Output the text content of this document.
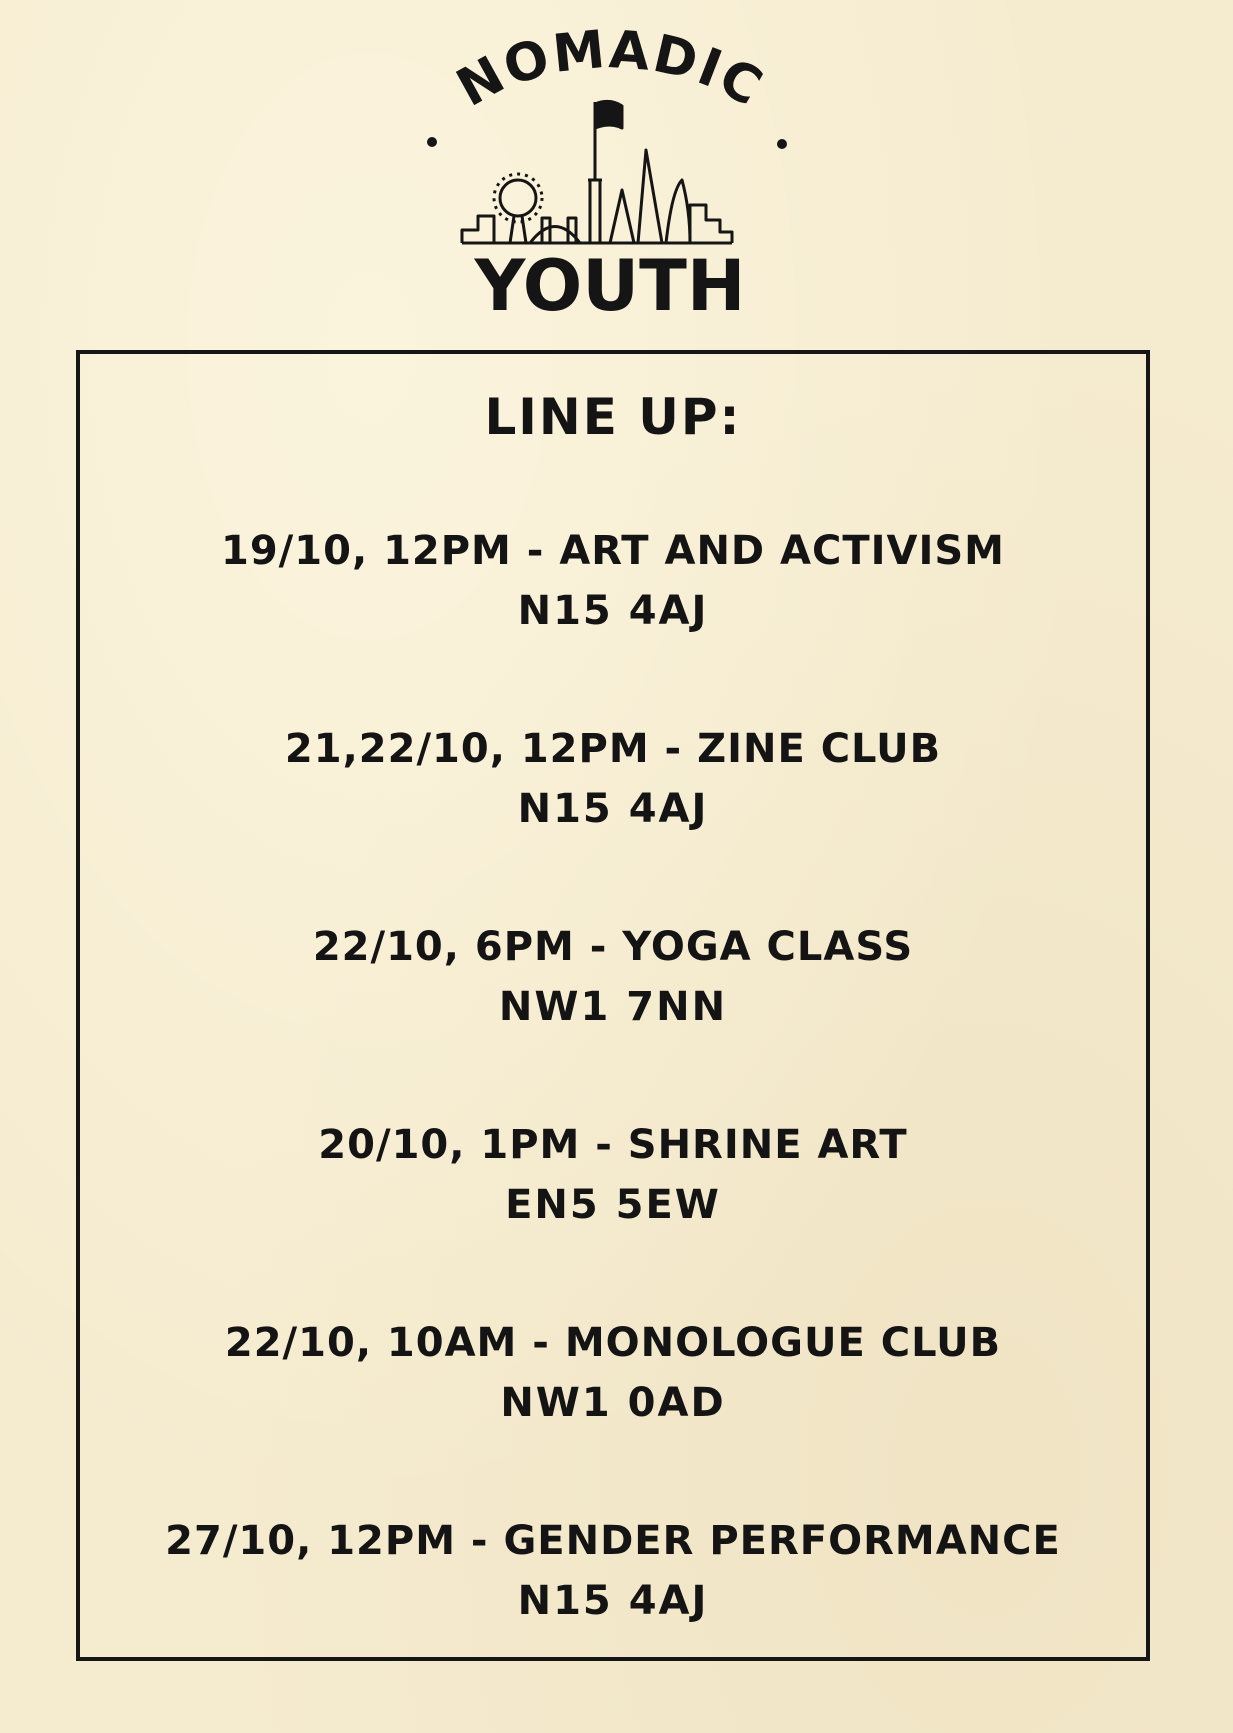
NOMADIC
YOUTH
LINE UP:
19/10, 12PM - ART AND ACTIVISM
N15 4AJ
21,22/10, 12PM - ZINE CLUB
N15 4AJ
22/10, 6PM - YOGA CLASS
NW1 7NN
20/10, 1PM - SHRINE ART
EN5 5EW
22/10, 10AM - MONOLOGUE CLUB
NW1 0AD
27/10, 12PM - GENDER PERFORMANCE
N15 4AJ
